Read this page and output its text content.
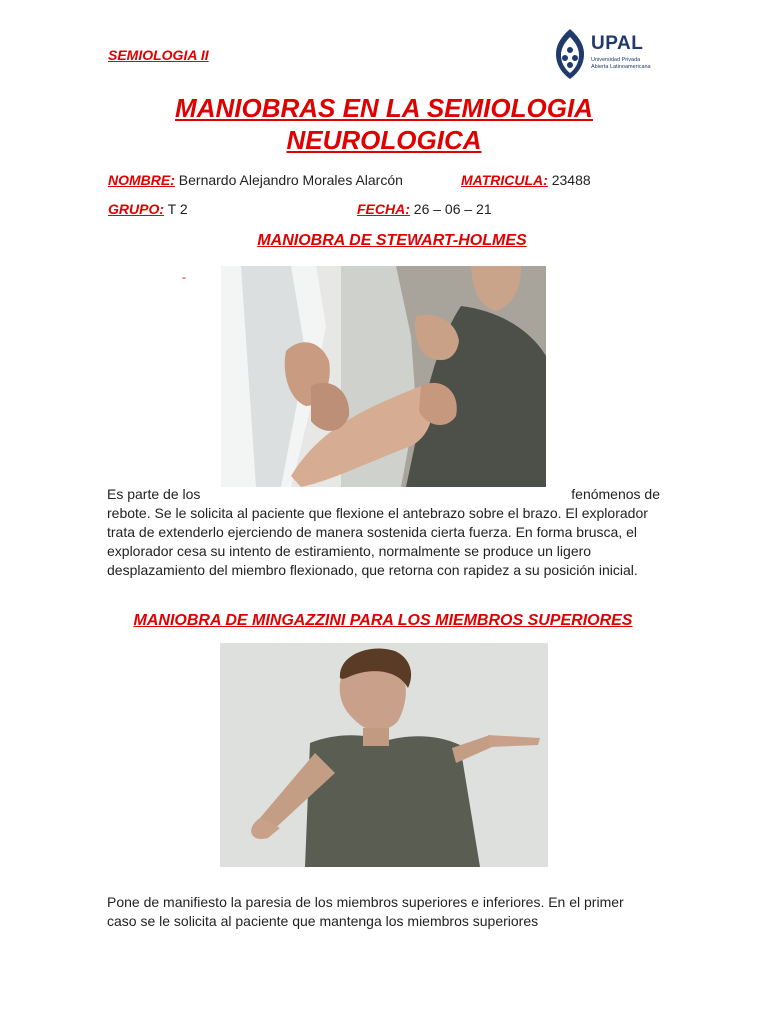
SEMIOLOGIA II
UPAL
Universidad Privada
Abierta Latinoamericana
MANIOBRAS EN LA SEMIOLOGIA
NEUROLOGICA
NOMBRE: Bernardo Alejandro Morales Alarcón	MATRICULA: 23488
GRUPO: T 2	FECHA: 26 – 06 – 21
MANIOBRA DE STEWART-HOLMES
-
Es parte de los	fenómenos de
rebote. Se le solicita al paciente que flexione el antebrazo sobre el brazo. El explorador trata de extenderlo ejerciendo de manera sostenida cierta fuerza. En forma brusca, el explorador cesa su intento de estiramiento, normalmente se produce un ligero desplazamiento del miembro flexionado, que retorna con rapidez a su posición inicial.
MANIOBRA DE MINGAZZINI PARA LOS MIEMBROS SUPERIORES
Pone de manifiesto la paresia de los miembros superiores e inferiores. En el primer caso se le solicita al paciente que mantenga los miembros superiores
